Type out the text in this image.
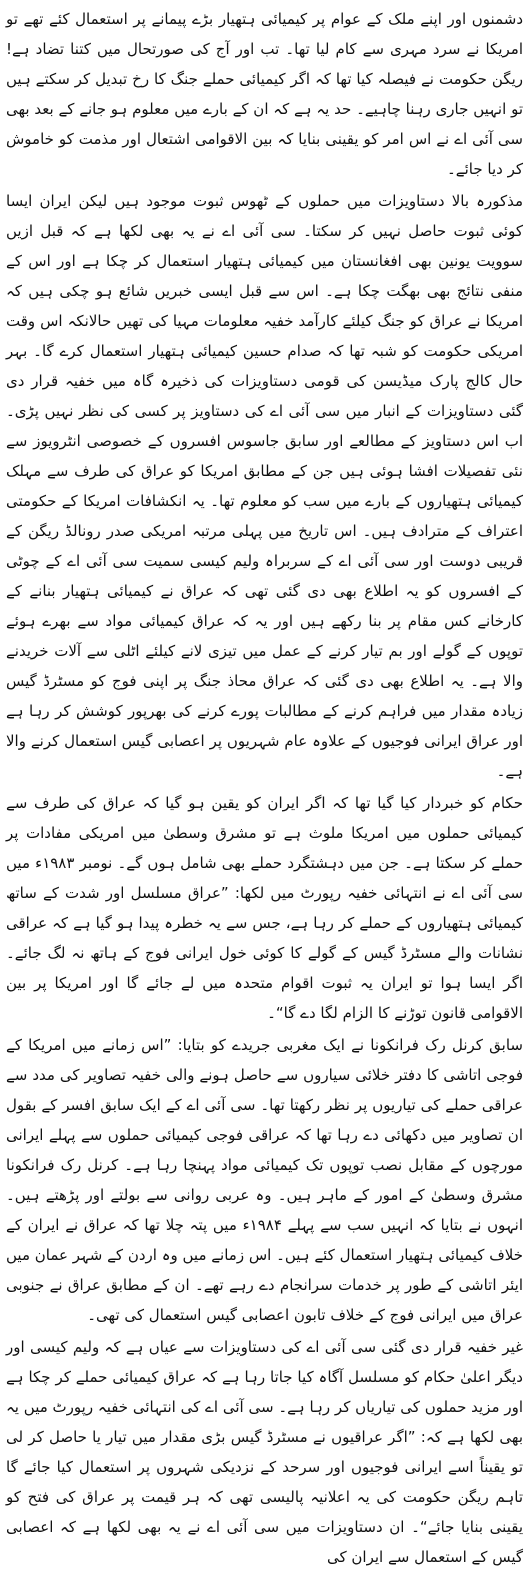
دشمنوں اور اپنے ملک کے عوام پر کیمیائی ہتھیار بڑے پیمانے پر استعمال کئے تھے تو امریکا نے سرد مہری سے کام لیا تھا۔ تب اور آج کی صورتحال میں کتنا تضاد ہے! ریگن حکومت نے فیصلہ کیا تھا کہ اگر کیمیائی حملے جنگ کا رخ تبدیل کر سکتے ہیں تو انہیں جاری رہنا چاہیے۔ حد یہ ہے کہ ان کے بارے میں معلوم ہو جانے کے بعد بھی سی آئی اے نے اس امر کو یقینی بنایا کہ بین الاقوامی اشتعال اور مذمت کو خاموش کر دیا جائے۔

مذکورہ بالا دستاویزات میں حملوں کے ٹھوس ثبوت موجود ہیں لیکن ایران ایسا کوئی ثبوت حاصل نہیں کر سکتا۔ سی آئی اے نے یہ بھی لکھا ہے کہ قبل ازیں سوویت یونین بھی افغانستان میں کیمیائی ہتھیار استعمال کر چکا ہے اور اس کے منفی نتائج بھی بھگت چکا ہے۔ اس سے قبل ایسی خبریں شائع ہو چکی ہیں کہ امریکا نے عراق کو جنگ کیلئے کارآمد خفیہ معلومات مہیا کی تھیں حالانکہ اس وقت امریکی حکومت کو شبہ تھا کہ صدام حسین کیمیائی ہتھیار استعمال کرے گا۔ بہر حال کالج پارک میڈیسن کی قومی دستاویزات کی ذخیرہ گاہ میں خفیہ قرار دی گئی دستاویزات کے انبار میں سی آئی اے کی دستاویز پر کسی کی نظر نہیں پڑی۔ اب اس دستاویز کے مطالعے اور سابق جاسوس افسروں کے خصوصی انٹرویوز سے نئی تفصیلات افشا ہوئی ہیں جن کے مطابق امریکا کو عراق کی طرف سے مہلک کیمیائی ہتھیاروں کے بارے میں سب کو معلوم تھا۔ یہ انکشافات امریکا کے حکومتی اعتراف کے مترادف ہیں۔ اس تاریخ میں پہلی مرتبہ امریکی صدر رونالڈ ریگن کے قریبی دوست اور سی آئی اے کے سربراہ ولیم کیسی سمیت سی آئی اے کے چوٹی کے افسروں کو یہ اطلاع بھی دی گئی تھی کہ عراق نے کیمیائی ہتھیار بنانے کے کارخانے کس مقام پر بنا رکھے ہیں اور یہ کہ عراق کیمیائی مواد سے بھرے ہوئے توپوں کے گولے اور بم تیار کرنے کے عمل میں تیزی لانے کیلئے اٹلی سے آلات خریدنے والا ہے۔ یہ اطلاع بھی دی گئی کہ عراق محاذ جنگ پر اپنی فوج کو مسٹرڈ گیس زیادہ مقدار میں فراہم کرنے کے مطالبات پورے کرنے کی بھرپور کوشش کر رہا ہے اور عراق ایرانی فوجیوں کے علاوہ عام شہریوں پر اعصابی گیس استعمال کرنے والا ہے۔

حکام کو خبردار کیا گیا تھا کہ اگر ایران کو یقین ہو گیا کہ عراق کی طرف سے کیمیائی حملوں میں امریکا ملوث ہے تو مشرق وسطیٰ میں امریکی مفادات پر حملے کر سکتا ہے۔ جن میں دہشتگرد حملے بھی شامل ہوں گے۔ نومبر ۱۹۸۳ء میں سی آئی اے نے انتہائی خفیہ رپورٹ میں لکھا: ”عراق مسلسل اور شدت کے ساتھ کیمیائی ہتھیاروں کے حملے کر رہا ہے، جس سے یہ خطرہ پیدا ہو گیا ہے کہ عراقی نشانات والے مسٹرڈ گیس کے گولے کا کوئی خول ایرانی فوج کے ہاتھ نہ لگ جائے۔ اگر ایسا ہوا تو ایران یہ ثبوت اقوام متحدہ میں لے جائے گا اور امریکا پر بین الاقوامی قانون توڑنے کا الزام لگا دے گا“۔

سابق کرنل رک فرانکونا نے ایک مغربی جریدے کو بتایا: ”اس زمانے میں امریکا کے فوجی اتاشی کا دفتر خلائی سیاروں سے حاصل ہونے والی خفیہ تصاویر کی مدد سے عراقی حملے کی تیاریوں پر نظر رکھتا تھا۔ سی آئی اے کے ایک سابق افسر کے بقول ان تصاویر میں دکھائی دے رہا تھا کہ عراقی فوجی کیمیائی حملوں سے پہلے ایرانی مورچوں کے مقابل نصب توپوں تک کیمیائی مواد پہنچا رہا ہے۔ کرنل رک فرانکونا مشرق وسطیٰ کے امور کے ماہر ہیں۔ وہ عربی روانی سے بولتے اور پڑھتے ہیں۔ انہوں نے بتایا کہ انہیں سب سے پہلے ۱۹۸۴ء میں پتہ چلا تھا کہ عراق نے ایران کے خلاف کیمیائی ہتھیار استعمال کئے ہیں۔ اس زمانے میں وہ اردن کے شہر عمان میں ایئر اتاشی کے طور پر خدمات سرانجام دے رہے تھے۔ ان کے مطابق عراق نے جنوبی عراق میں ایرانی فوج کے خلاف تابون اعصابی گیس استعمال کی تھی۔

غیر خفیہ قرار دی گئی سی آئی اے کی دستاویزات سے عیاں ہے کہ ولیم کیسی اور دیگر اعلیٰ حکام کو مسلسل آگاہ کیا جاتا رہا ہے کہ عراق کیمیائی حملے کر چکا ہے اور مزید حملوں کی تیاریاں کر رہا ہے۔ سی آئی اے کی انتہائی خفیہ رپورٹ میں یہ بھی لکھا ہے کہ: ”اگر عراقیوں نے مسٹرڈ گیس بڑی مقدار میں تیار یا حاصل کر لی تو یقیناً اسے ایرانی فوجیوں اور سرحد کے نزدیکی شہروں پر استعمال کیا جائے گا تاہم ریگن حکومت کی یہ اعلانیہ پالیسی تھی کہ ہر قیمت پر عراق کی فتح کو یقینی بنایا جائے“۔ ان دستاویزات میں سی آئی اے نے یہ بھی لکھا ہے کہ اعصابی گیس کے استعمال سے ایران کی
